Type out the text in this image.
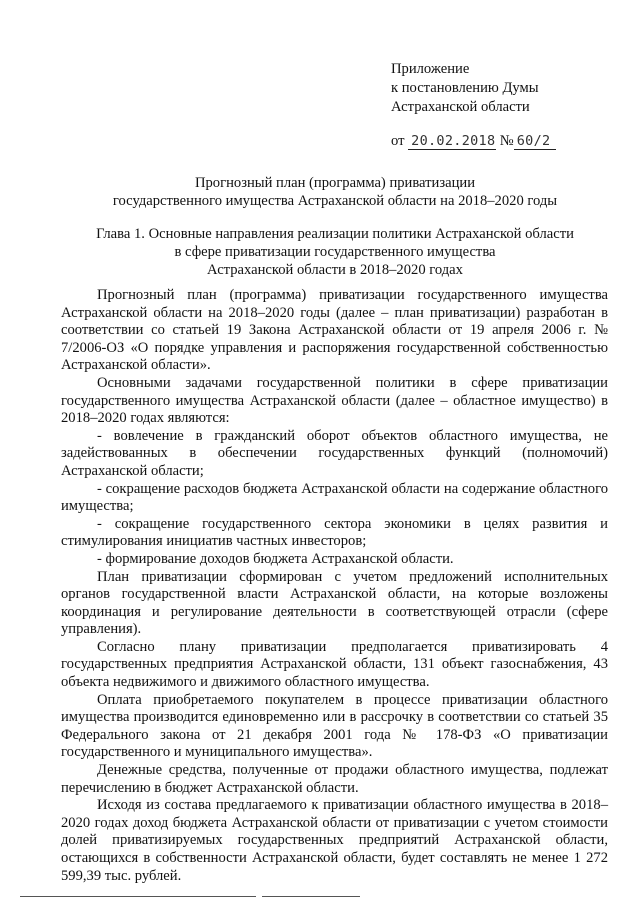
Приложение
к постановлению Думы
Астраханской области
от 20.02.2018 № 60/2
Прогнозный план (программа) приватизации
государственного имущества Астраханской области на 2018–2020 годы
Глава 1. Основные направления реализации политики Астраханской области
в сфере приватизации государственного имущества
Астраханской области в 2018–2020 годах

Прогнозный план (программа) приватизации государственного имущества Астраханской области на 2018–2020 годы (далее – план приватизации) разработан в соответствии со статьей 19 Закона Астраханской области от 19 апреля 2006 г. № 7/2006-ОЗ «О порядке управления и распоряжения государственной собственностью Астраханской области».

Основными задачами государственной политики в сфере приватизации государственного имущества Астраханской области (далее – областное имущество) в 2018–2020 годах являются:

- вовлечение в гражданский оборот объектов областного имущества, не задействованных в обеспечении государственных функций (полномочий) Астраханской области;

- сокращение расходов бюджета Астраханской области на содержание областного имущества;

- сокращение государственного сектора экономики в целях развития и стимулирования инициатив частных инвесторов;

- формирование доходов бюджета Астраханской области.

План приватизации сформирован с учетом предложений исполнительных органов государственной власти Астраханской области, на которые возложены координация и регулирование деятельности в соответствующей отрасли (сфере управления).

Согласно плану приватизации предполагается приватизировать 4 государственных предприятия Астраханской области, 131 объект газоснабжения, 43 объекта недвижимого и движимого областного имущества.

Оплата приобретаемого покупателем в процессе приватизации областного имущества производится единовременно или в рассрочку в соответствии со статьей 35 Федерального закона от 21 декабря 2001 года № 178-ФЗ «О приватизации государственного и муниципального имущества».

Денежные средства, полученные от продажи областного имущества, подлежат перечислению в бюджет Астраханской области.

Исходя из состава предлагаемого к приватизации областного имущества в 2018–2020 годах доход бюджета Астраханской области от приватизации с учетом стоимости долей приватизируемых государственных предприятий Астраханской области, остающихся в собственности Астраханской области, будет составлять не менее 1 272 599,39 тыс. рублей.
